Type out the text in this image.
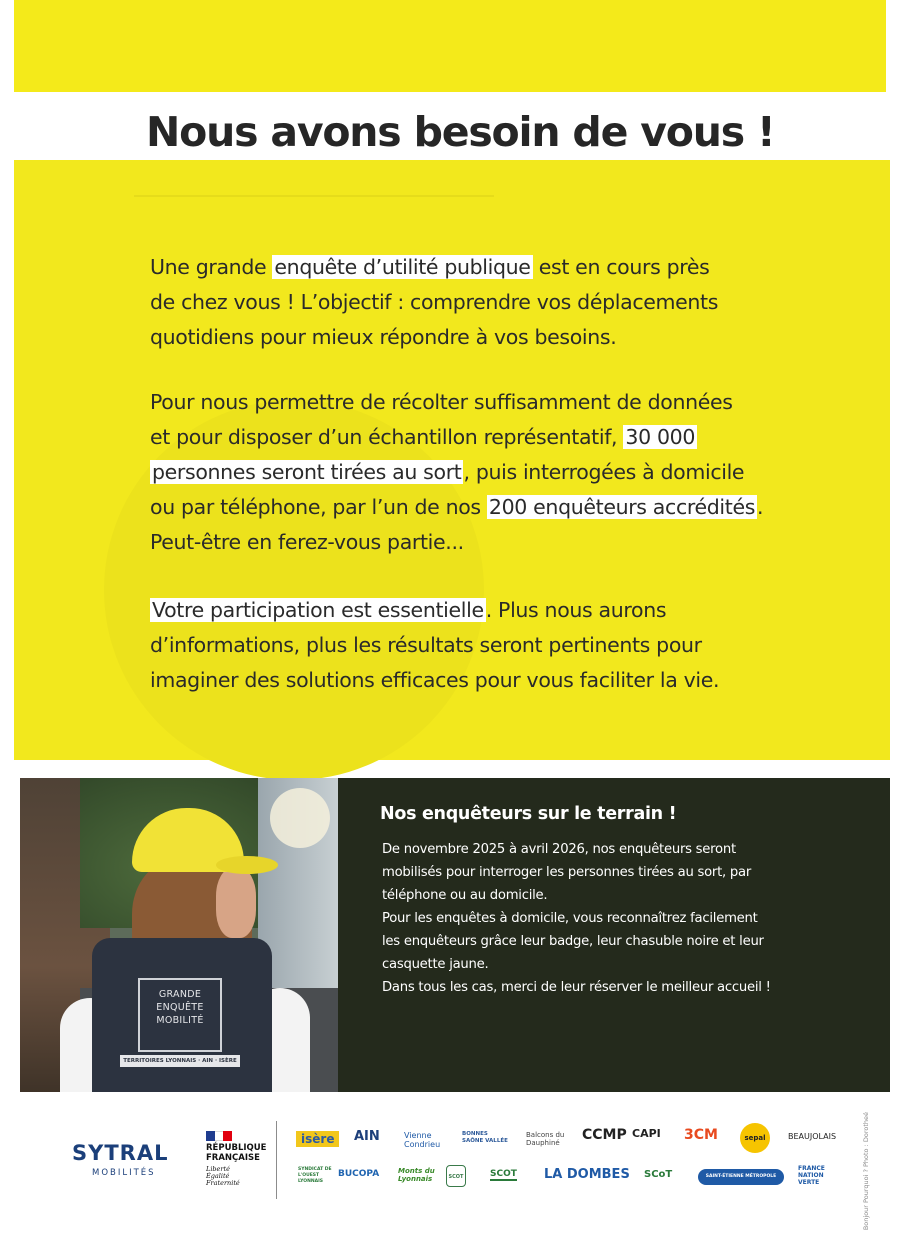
Nous avons besoin de vous !
Une grande enquête d’utilité publique est en cours près
de chez vous ! L’objectif : comprendre vos déplacements
quotidiens pour mieux répondre à vos besoins.
Pour nous permettre de récolter suffisamment de données
et pour disposer d’un échantillon représentatif, 30 000
personnes seront tirées au sort, puis interrogées à domicile
ou par téléphone, par l’un de nos 200 enquêteurs accrédités.
Peut-être en ferez-vous partie...
Votre participation est essentielle. Plus nous aurons
d’informations, plus les résultats seront pertinents pour
imaginer des solutions efficaces pour vous faciliter la vie.
GRANDE
ENQUÊTE
MOBILITÉ
TERRITOIRES LYONNAIS · AIN · ISÈRE
Nos enquêteurs sur le terrain !
De novembre 2025 à avril 2026, nos enquêteurs seront
mobilisés pour interroger les personnes tirées au sort, par
téléphone ou au domicile.
Pour les enquêtes à domicile, vous reconnaîtrez facilement
les enquêteurs grâce leur badge, leur chasuble noire et leur
casquette jaune.
Dans tous les cas, merci de leur réserver le meilleur accueil !
SYTRAL
MOBILITÉS
RÉPUBLIQUE
FRANÇAISE
Liberté
Égalité
Fraternité
isère	AIN	Vienne Condrieu
BONNES SAÔNE VALLÉE
Balcons du Dauphiné	CCMP CAPI 3CM	sepal	BEAUJOLAIS
SYNDICAT DE L'OUEST LYONNAIS
BUCOPA	Monts du Lyonnais	SCOT	SCOT LA DOMBES SCoT	SAINT-ÉTIENNE MÉTROPOLE
FRANCE NATION VERTE	Bonjour Pourquoi ? Photo : Dorotheé
